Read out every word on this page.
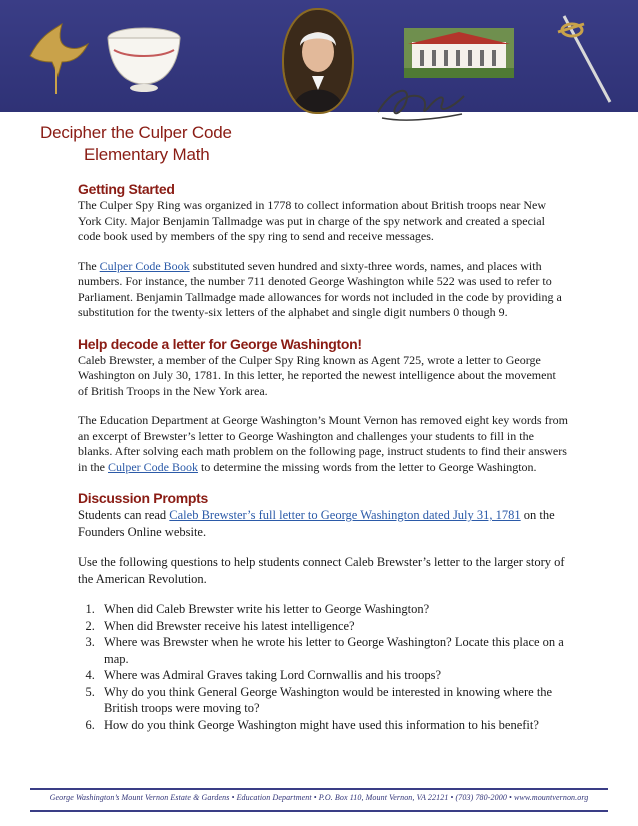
Decipher the Culper Code
Elementary Math
Getting Started

The Culper Spy Ring was organized in 1778 to collect information about British troops near New York City. Major Benjamin Tallmadge was put in charge of the spy network and created a special code book used by members of the spy ring to send and receive messages.

The Culper Code Book substituted seven hundred and sixty-three words, names, and places with numbers. For instance, the number 711 denoted George Washington while 522 was used to refer to Parliament. Benjamin Tallmadge made allowances for words not included in the code by providing a substitution for the twenty-six letters of the alphabet and single digit numbers 0 though 9.

Help decode a letter for George Washington!

Caleb Brewster, a member of the Culper Spy Ring known as Agent 725, wrote a letter to George Washington on July 30, 1781. In this letter, he reported the newest intelligence about the movement of British Troops in the New York area.

The Education Department at George Washington’s Mount Vernon has removed eight key words from an excerpt of Brewster’s letter to George Washington and challenges your students to fill in the blanks. After solving each math problem on the following page, instruct students to find their answers in the Culper Code Book to determine the missing words from the letter to George Washington.

Discussion Prompts

Students can read Caleb Brewster’s full letter to George Washington dated July 31, 1781 on the Founders Online website.

Use the following questions to help students connect Caleb Brewster’s letter to the larger story of the American Revolution.

1. When did Caleb Brewster write his letter to George Washington?
2. When did Brewster receive his latest intelligence?
3. Where was Brewster when he wrote his letter to George Washington? Locate this place on a map.
4. Where was Admiral Graves taking Lord Cornwallis and his troops?
5. Why do you think General George Washington would be interested in knowing where the British troops were moving to?
6. How do you think George Washington might have used this information to his benefit?
George Washington’s Mount Vernon Estate & Gardens • Education Department • P.O. Box 110, Mount Vernon, VA 22121 • (703) 780-2000 • www.mountvernon.org
